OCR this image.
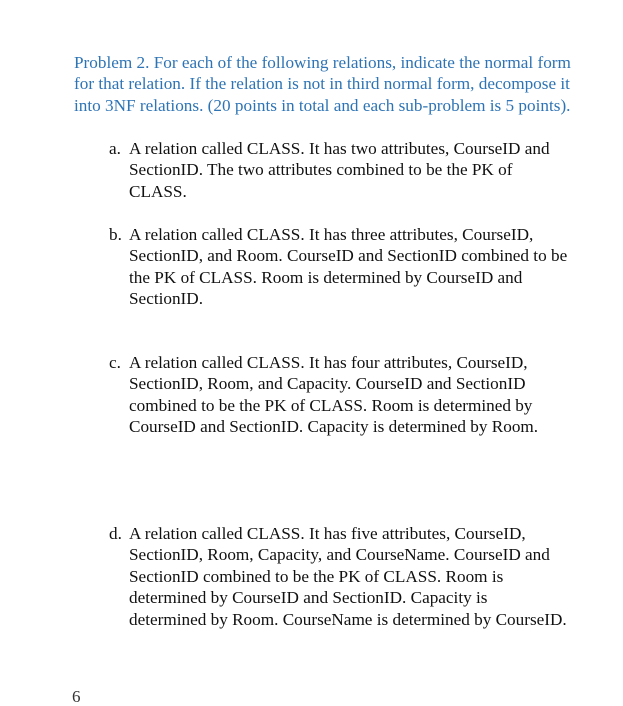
Problem 2. For each of the following relations, indicate the normal form for that relation. If the relation is not in third normal form, decompose it into 3NF relations. (20 points in total and each sub-problem is 5 points).

a. A relation called CLASS. It has two attributes, CourseID and SectionID. The two attributes combined to be the PK of CLASS.
b. A relation called CLASS. It has three attributes, CourseID, SectionID, and Room. CourseID and SectionID combined to be the PK of CLASS. Room is determined by CourseID and SectionID.
c. A relation called CLASS. It has four attributes, CourseID, SectionID, Room, and Capacity. CourseID and SectionID combined to be the PK of CLASS. Room is determined by CourseID and SectionID. Capacity is determined by Room.
d. A relation called CLASS. It has five attributes, CourseID, SectionID, Room, Capacity, and CourseName. CourseID and SectionID combined to be the PK of CLASS. Room is determined by CourseID and SectionID. Capacity is determined by Room. CourseName is determined by CourseID.
6
